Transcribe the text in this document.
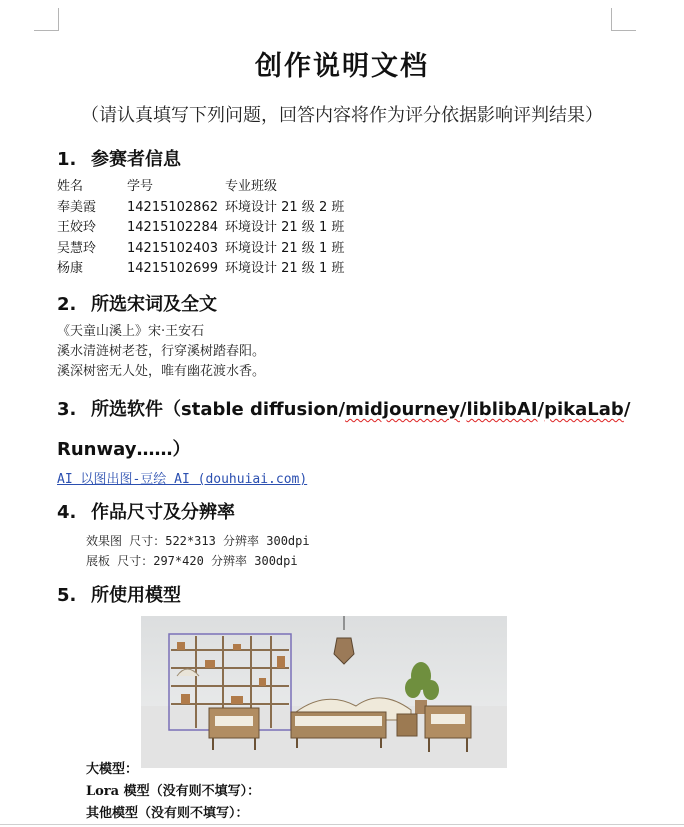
创作说明文档
（请认真填写下列问题，回答内容将作为评分依据影响评判结果）
1. 参赛者信息
姓名	学号	专业班级
奉美霞	14215102862 环境设计 21 级 2 班
王姣玲	14215102284 环境设计 21 级 1 班
吴慧玲	14215102403 环境设计 21 级 1 班
杨康	14215102699 环境设计 21 级 1 班
2. 所选宋词及全文
《天童山溪上》宋·王安石
溪水清涟树老苍，行穿溪树踏春阳。
溪深树密无人处，唯有幽花渡水香。
3. 所选软件（stable diffusion/midjourney/liblibAI/pikaLab/
Runway……）
AI 以图出图-豆绘 AI (douhuiai.com)
4. 作品尺寸及分辨率
效果图 尺寸：522*313 分辨率 300dpi
展板 尺寸：297*420 分辨率 300dpi
5. 所使用模型
大模型：
Lora 模型（没有则不填写）：
其他模型（没有则不填写）：
